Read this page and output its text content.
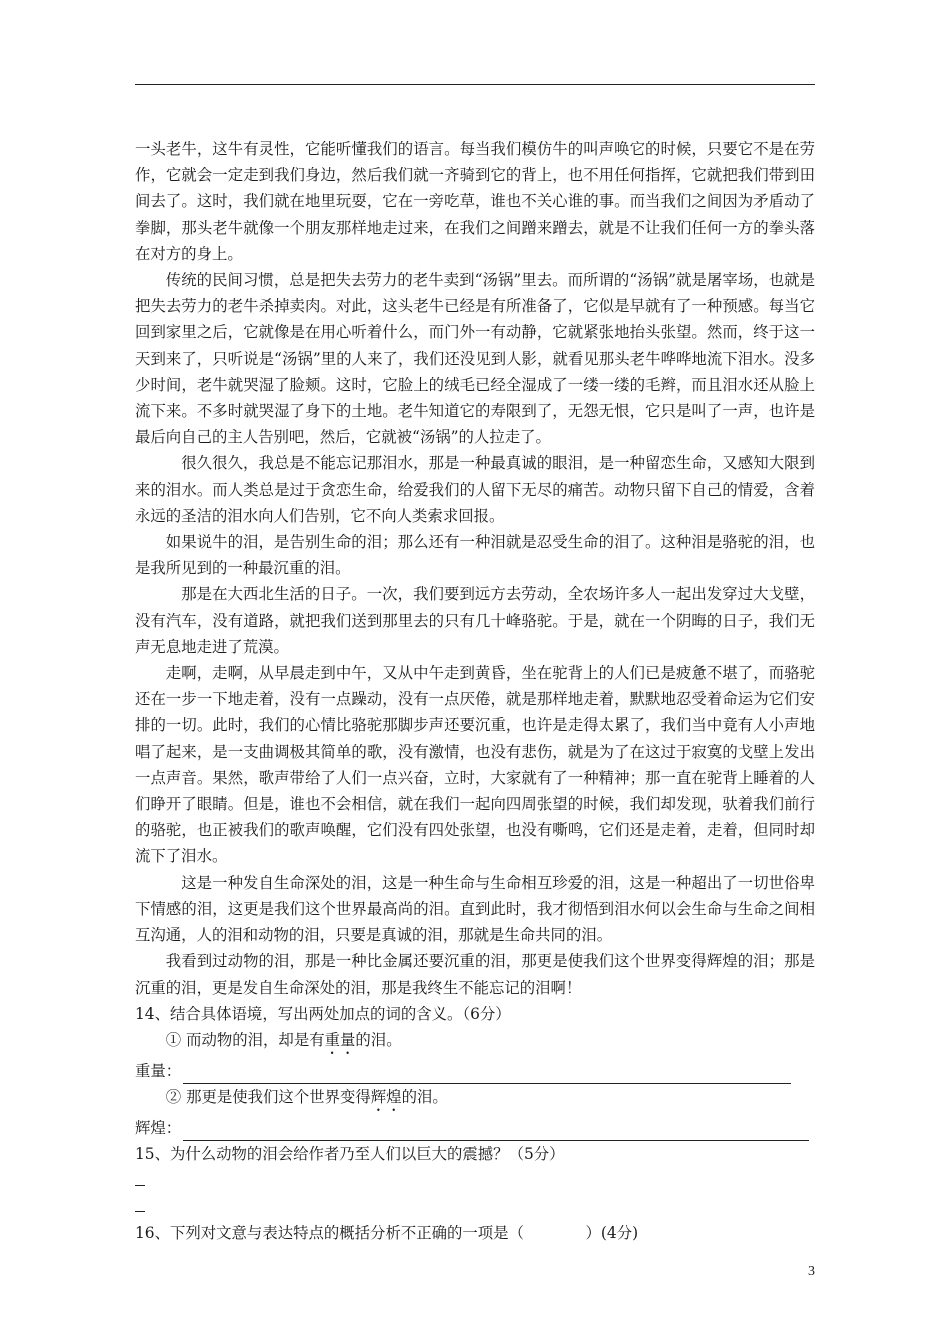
一头老牛，这牛有灵性，它能听懂我们的语言。每当我们模仿牛的叫声唤它的时候，只要它不是在劳作，它就会一定走到我们身边，然后我们就一齐骑到它的背上，也不用任何指挥，它就把我们带到田间去了。这时，我们就在地里玩耍，它在一旁吃草，谁也不关心谁的事。而当我们之间因为矛盾动了拳脚，那头老牛就像一个朋友那样地走过来，在我们之间蹭来蹭去，就是不让我们任何一方的拳头落在对方的身上。

传统的民间习惯，总是把失去劳力的老牛卖到“汤锅”里去。而所谓的“汤锅”就是屠宰场，也就是把失去劳力的老牛杀掉卖肉。对此，这头老牛已经是有所准备了，它似是早就有了一种预感。每当它回到家里之后，它就像是在用心听着什么，而门外一有动静，它就紧张地抬头张望。然而，终于这一天到来了，只听说是“汤锅”里的人来了，我们还没见到人影，就看见那头老牛哗哗地流下泪水。没多少时间，老牛就哭湿了脸颊。这时，它脸上的绒毛已经全湿成了一缕一缕的毛辫，而且泪水还从脸上流下来。不多时就哭湿了身下的土地。老牛知道它的寿限到了，无怨无恨，它只是叫了一声，也许是最后向自己的主人告别吧，然后，它就被“汤锅”的人拉走了。

很久很久，我总是不能忘记那泪水，那是一种最真诚的眼泪，是一种留恋生命，又感知大限到来的泪水。而人类总是过于贪恋生命，给爱我们的人留下无尽的痛苦。动物只留下自己的情爱，含着永远的圣洁的泪水向人们告别，它不向人类索求回报。

如果说牛的泪，是告别生命的泪；那么还有一种泪就是忍受生命的泪了。这种泪是骆驼的泪，也是我所见到的一种最沉重的泪。

那是在大西北生活的日子。一次，我们要到远方去劳动，全农场许多人一起出发穿过大戈壁，没有汽车，没有道路，就把我们送到那里去的只有几十峰骆驼。于是，就在一个阴晦的日子，我们无声无息地走进了荒漠。

走啊，走啊，从早晨走到中午，又从中午走到黄昏，坐在驼背上的人们已是疲惫不堪了，而骆驼还在一步一下地走着，没有一点躁动，没有一点厌倦，就是那样地走着，默默地忍受着命运为它们安排的一切。此时，我们的心情比骆驼那脚步声还要沉重，也许是走得太累了，我们当中竟有人小声地唱了起来，是一支曲调极其简单的歌，没有激情，也没有悲伤，就是为了在这过于寂寞的戈壁上发出一点声音。果然，歌声带给了人们一点兴奋，立时，大家就有了一种精神；那一直在驼背上睡着的人们睁开了眼睛。但是，谁也不会相信，就在我们一起向四周张望的时候，我们却发现，驮着我们前行的骆驼，也正被我们的歌声唤醒，它们没有四处张望，也没有嘶鸣，它们还是走着，走着，但同时却流下了泪水。

这是一种发自生命深处的泪，这是一种生命与生命相互珍爱的泪，这是一种超出了一切世俗卑下情感的泪，这更是我们这个世界最高尚的泪。直到此时，我才彻悟到泪水何以会生命与生命之间相互沟通，人的泪和动物的泪，只要是真诚的泪，那就是生命共同的泪。

我看到过动物的泪，那是一种比金属还要沉重的泪，那更是使我们这个世界变得辉煌的泪；那是沉重的泪，更是发自生命深处的泪，那是我终生不能忘记的泪啊！

14、结合具体语境，写出两处加点的词的含义。（6分）

① 而动物的泪，却是有重量的泪。

重量：

② 那更是使我们这个世界变得辉煌的泪。

辉煌：

15、为什么动物的泪会给作者乃至人们以巨大的震撼？（5分）

16、下列对文意与表达特点的概括分析不正确的一项是（　　　　）(4分)

3
